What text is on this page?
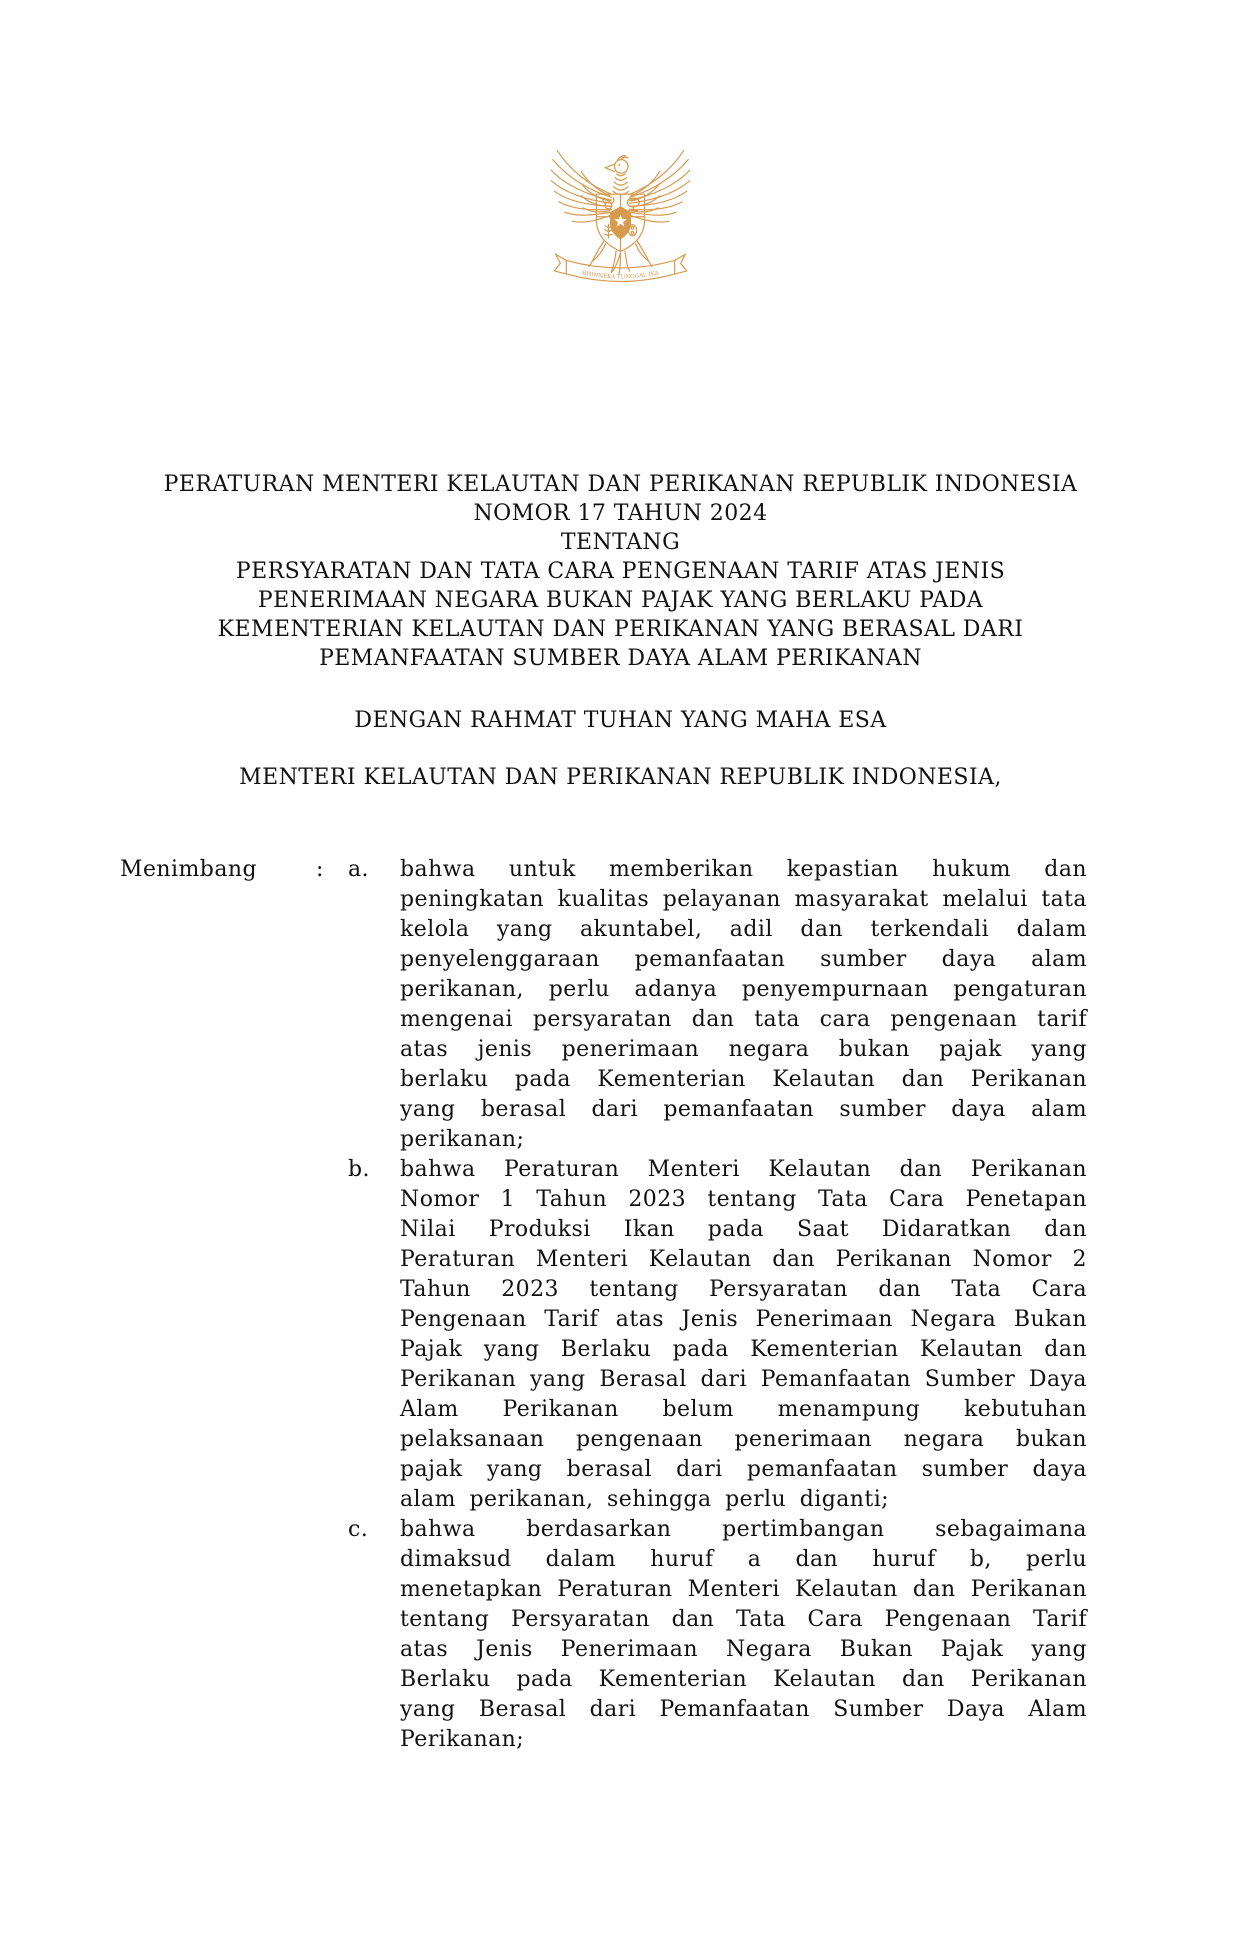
BHINNEKA TUNGGAL IKA
PERATURAN MENTERI KELAUTAN DAN PERIKANAN REPUBLIK INDONESIA
NOMOR 17 TAHUN 2024
TENTANG
PERSYARATAN DAN TATA CARA PENGENAAN TARIF ATAS JENIS
PENERIMAAN NEGARA BUKAN PAJAK YANG BERLAKU PADA
KEMENTERIAN KELAUTAN DAN PERIKANAN YANG BERASAL DARI
PEMANFAATAN SUMBER DAYA ALAM PERIKANAN
DENGAN RAHMAT TUHAN YANG MAHA ESA
MENTERI KELAUTAN DAN PERIKANAN REPUBLIK INDONESIA,
Menimbang	:	a.	bahwa untuk memberikan kepastian hukum dan peningkatan kualitas pelayanan masyarakat melalui tata kelola yang akuntabel, adil dan terkendali dalam penyelenggaraan pemanfaatan sumber daya alam perikanan, perlu adanya penyempurnaan pengaturan mengenai persyaratan dan tata cara pengenaan tarif atas jenis penerimaan negara bukan pajak yang berlaku pada Kementerian Kelautan dan Perikanan yang berasal dari pemanfaatan sumber daya alam perikanan;
b.	bahwa Peraturan Menteri Kelautan dan Perikanan Nomor 1 Tahun 2023 tentang Tata Cara Penetapan Nilai Produksi Ikan pada Saat Didaratkan dan Peraturan Menteri Kelautan dan Perikanan Nomor 2 Tahun 2023 tentang Persyaratan dan Tata Cara Pengenaan Tarif atas Jenis Penerimaan Negara Bukan Pajak yang Berlaku pada Kementerian Kelautan dan Perikanan yang Berasal dari Pemanfaatan Sumber Daya Alam Perikanan belum menampung kebutuhan pelaksanaan pengenaan penerimaan negara bukan pajak yang berasal dari pemanfaatan sumber daya alam perikanan, sehingga perlu diganti;
c.	bahwa berdasarkan pertimbangan sebagaimana dimaksud dalam huruf a dan huruf b, perlu menetapkan Peraturan Menteri Kelautan dan Perikanan tentang Persyaratan dan Tata Cara Pengenaan Tarif atas Jenis Penerimaan Negara Bukan Pajak yang Berlaku pada Kementerian Kelautan dan Perikanan yang Berasal dari Pemanfaatan Sumber Daya Alam Perikanan;
